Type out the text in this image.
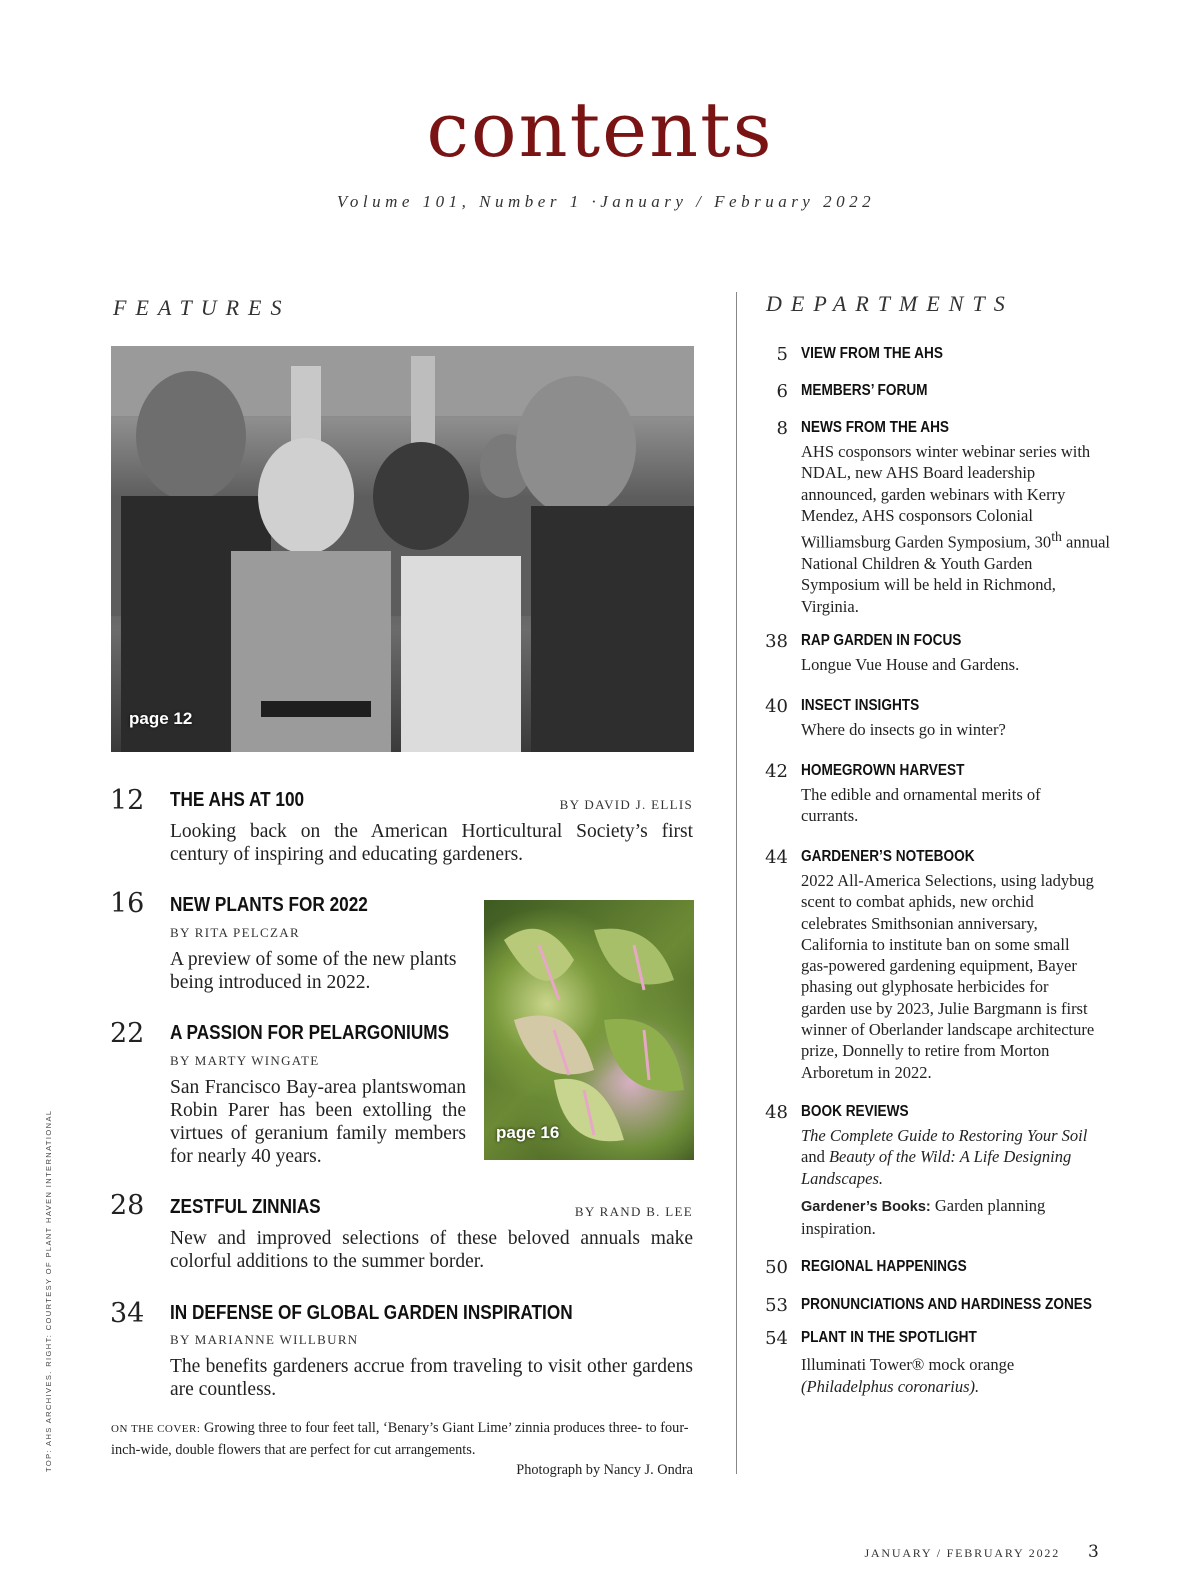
contents
Volume 101, Number 1 ·January / February 2022
FEATURES	DEPARTMENTS
page 12
12 THE AHS AT 100	BY DAVID J. ELLIS
Looking back on the American Horticultural Society’s first century of inspiring and educating gardeners.
16 NEW PLANTS FOR 2022
BY RITA PELCZAR
A preview of some of the new plants being introduced in 2022.
page 16
22 A PASSION FOR PELARGONIUMS
BY MARTY WINGATE
San Francisco Bay-area plantswoman Robin Parer has been extolling the virtues of geranium family members for nearly 40 years.
28 ZESTFUL ZINNIAS	BY RAND B. LEE
New and improved selections of these beloved annuals make colorful additions to the summer border.
34 IN DEFENSE OF GLOBAL GARDEN INSPIRATION
BY MARIANNE WILLBURN
The benefits gardeners accrue from traveling to visit other gardens are countless.
ON THE COVER: Growing three to four feet tall, ‘Benary’s Giant Lime’ zinnia produces three- to four-inch-wide, double flowers that are perfect for cut arrangements.
Photograph by Nancy J. Ondra
5 VIEW FROM THE AHS
6 MEMBERS’ FORUM
8 NEWS FROM THE AHS
AHS cosponsors winter webinar series with NDAL, new AHS Board leadership announced, garden webinars with Kerry Mendez, AHS cosponsors Colonial Williamsburg Garden Symposium, 30th annual National Children & Youth Garden Symposium will be held in Richmond, Virginia.
38 RAP GARDEN IN FOCUS
Longue Vue House and Gardens.
40 INSECT INSIGHTS
Where do insects go in winter?
42 HOMEGROWN HARVEST
The edible and ornamental merits of currants.
44 GARDENER’S NOTEBOOK
2022 All-America Selections, using ladybug scent to combat aphids, new orchid celebrates Smithsonian anniversary, California to institute ban on some small gas-powered gardening equipment, Bayer phasing out glyphosate herbicides for garden use by 2023, Julie Bargmann is first winner of Oberlander landscape architecture prize, Donnelly to retire from Morton Arboretum in 2022.
48 BOOK REVIEWS
The Complete Guide to Restoring Your Soil and Beauty of the Wild: A Life Designing Landscapes.
Gardener’s Books: Garden planning inspiration.
50 REGIONAL HAPPENINGS
53 PRONUNCIATIONS AND HARDINESS ZONES
54 PLANT IN THE SPOTLIGHT
Illuminati Tower® mock orange
(Philadelphus coronarius).
TOP: AHS ARCHIVES. RIGHT: COURTESY OF PLANT HAVEN INTERNATIONAL
JANUARY / FEBRUARY 2022 3
